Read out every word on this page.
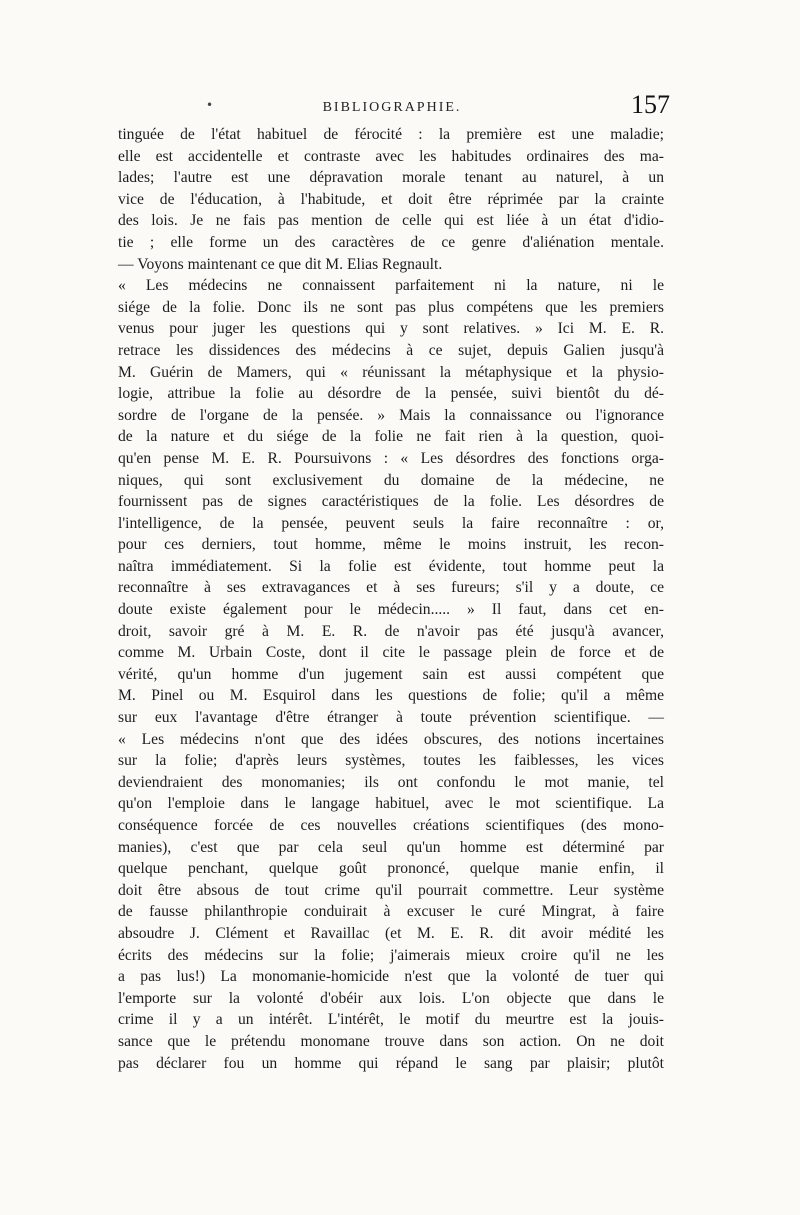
•	BIBLIOGRAPHIE.	157
tinguée de l'état habituel de férocité : la première est une maladie;
elle est accidentelle et contraste avec les habitudes ordinaires des ma-
lades; l'autre est une dépravation morale tenant au naturel, à un
vice de l'éducation, à l'habitude, et doit être réprimée par la crainte
des lois. Je ne fais pas mention de celle qui est liée à un état d'idio-
tie ; elle forme un des caractères de ce genre d'aliénation mentale.
— Voyons maintenant ce que dit M. Elias Regnault.
« Les médecins ne connaissent parfaitement ni la nature, ni le
siége de la folie. Donc ils ne sont pas plus compétens que les premiers
venus pour juger les questions qui y sont relatives. » Ici M. E. R.
retrace les dissidences des médecins à ce sujet, depuis Galien jusqu'à
M. Guérin de Mamers, qui « réunissant la métaphysique et la physio-
logie, attribue la folie au désordre de la pensée, suivi bientôt du dé-
sordre de l'organe de la pensée. » Mais la connaissance ou l'ignorance
de la nature et du siége de la folie ne fait rien à la question, quoi-
qu'en pense M. E. R. Poursuivons : « Les désordres des fonctions orga-
niques, qui sont exclusivement du domaine de la médecine, ne
fournissent pas de signes caractéristiques de la folie. Les désordres de
l'intelligence, de la pensée, peuvent seuls la faire reconnaître : or,
pour ces derniers, tout homme, même le moins instruit, les recon-
naîtra immédiatement. Si la folie est évidente, tout homme peut la
reconnaître à ses extravagances et à ses fureurs; s'il y a doute, ce
doute existe également pour le médecin..... » Il faut, dans cet en-
droit, savoir gré à M. E. R. de n'avoir pas été jusqu'à avancer,
comme M. Urbain Coste, dont il cite le passage plein de force et de
vérité, qu'un homme d'un jugement sain est aussi compétent que
M. Pinel ou M. Esquirol dans les questions de folie; qu'il a même
sur eux l'avantage d'être étranger à toute prévention scientifique. —
« Les médecins n'ont que des idées obscures, des notions incertaines
sur la folie; d'après leurs systèmes, toutes les faiblesses, les vices
deviendraient des monomanies; ils ont confondu le mot manie, tel
qu'on l'emploie dans le langage habituel, avec le mot scientifique. La
conséquence forcée de ces nouvelles créations scientifiques (des mono-
manies), c'est que par cela seul qu'un homme est déterminé par
quelque penchant, quelque goût prononcé, quelque manie enfin, il
doit être absous de tout crime qu'il pourrait commettre. Leur système
de fausse philanthropie conduirait à excuser le curé Mingrat, à faire
absoudre J. Clément et Ravaillac (et M. E. R. dit avoir médité les
écrits des médecins sur la folie; j'aimerais mieux croire qu'il ne les
a pas lus!) La monomanie-homicide n'est que la volonté de tuer qui
l'emporte sur la volonté d'obéir aux lois. L'on objecte que dans le
crime il y a un intérêt. L'intérêt, le motif du meurtre est la jouis-
sance que le prétendu monomane trouve dans son action. On ne doit
pas déclarer fou un homme qui répand le sang par plaisir; plutôt
